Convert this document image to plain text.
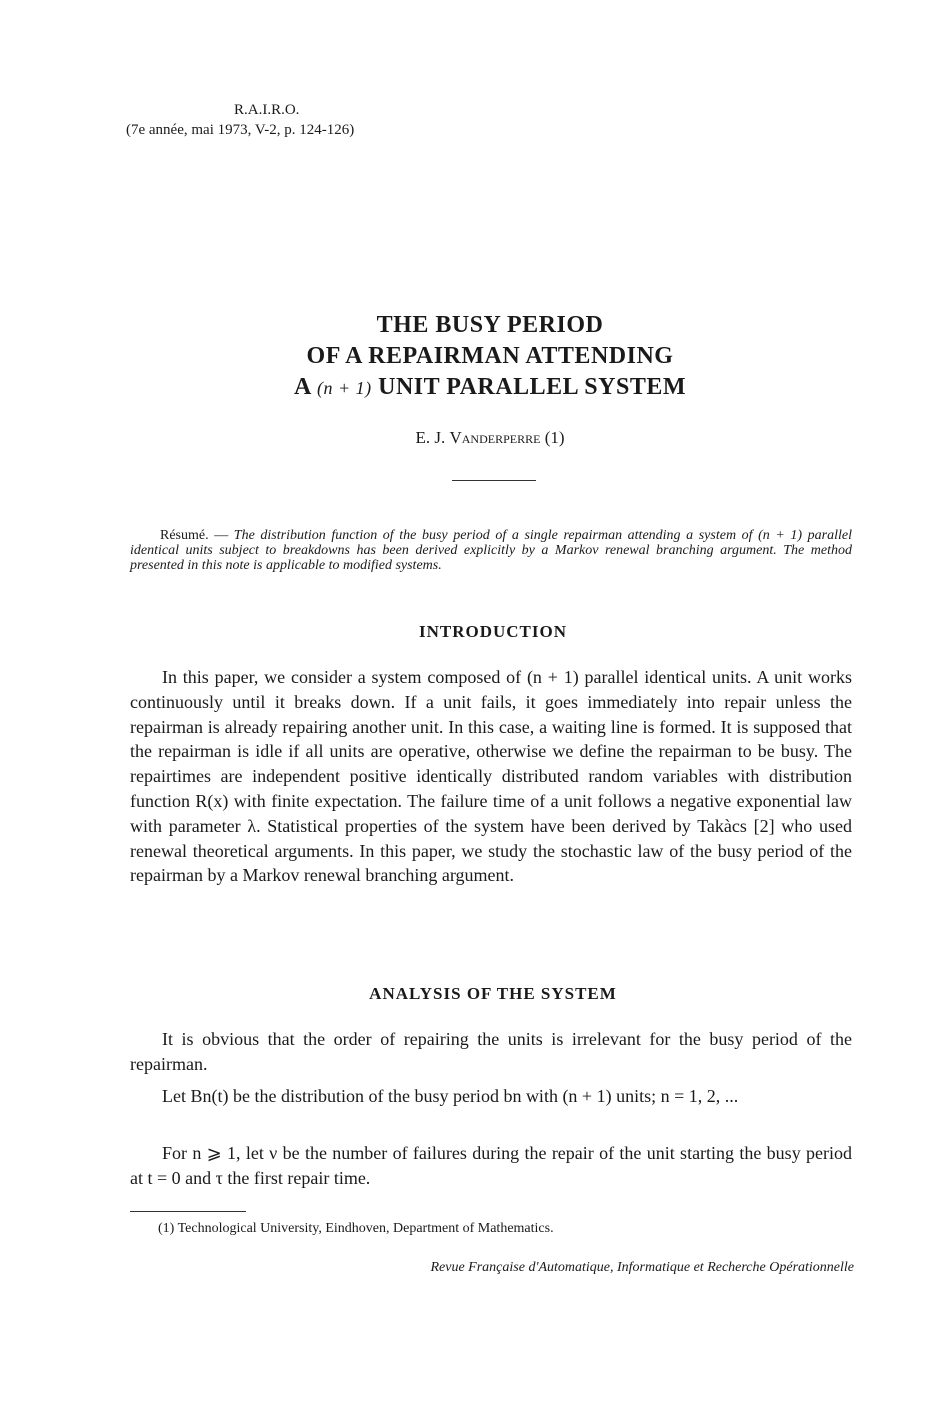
R.A.I.R.O.
(7e année, mai 1973, V-2, p. 124-126)
THE BUSY PERIOD
OF A REPAIRMAN ATTENDING
A (n + 1) UNIT PARALLEL SYSTEM
E. J. Vanderperre (1)
Résumé. — The distribution function of the busy period of a single repairman attending a system of (n + 1) parallel identical units subject to breakdowns has been derived explicitly by a Markov renewal branching argument. The method presented in this note is applicable to modified systems.
INTRODUCTION
In this paper, we consider a system composed of (n + 1) parallel identical units. A unit works continuously until it breaks down. If a unit fails, it goes immediately into repair unless the repairman is already repairing another unit. In this case, a waiting line is formed. It is supposed that the repairman is idle if all units are operative, otherwise we define the repairman to be busy. The repairtimes are independent positive identically distributed random variables with distribution function R(x) with finite expectation. The failure time of a unit follows a negative exponential law with parameter λ. Statistical properties of the system have been derived by Takàcs [2] who used renewal theoretical arguments. In this paper, we study the stochastic law of the busy period of the repairman by a Markov renewal branching argument.
ANALYSIS OF THE SYSTEM
It is obvious that the order of repairing the units is irrelevant for the busy period of the repairman.
Let Bn(t) be the distribution of the busy period bn with (n + 1) units; n = 1, 2, ...
For n ⩾ 1, let ν be the number of failures during the repair of the unit starting the busy period at t = 0 and τ the first repair time.
(1) Technological University, Eindhoven, Department of Mathematics.
Revue Française d'Automatique, Informatique et Recherche Opérationnelle
